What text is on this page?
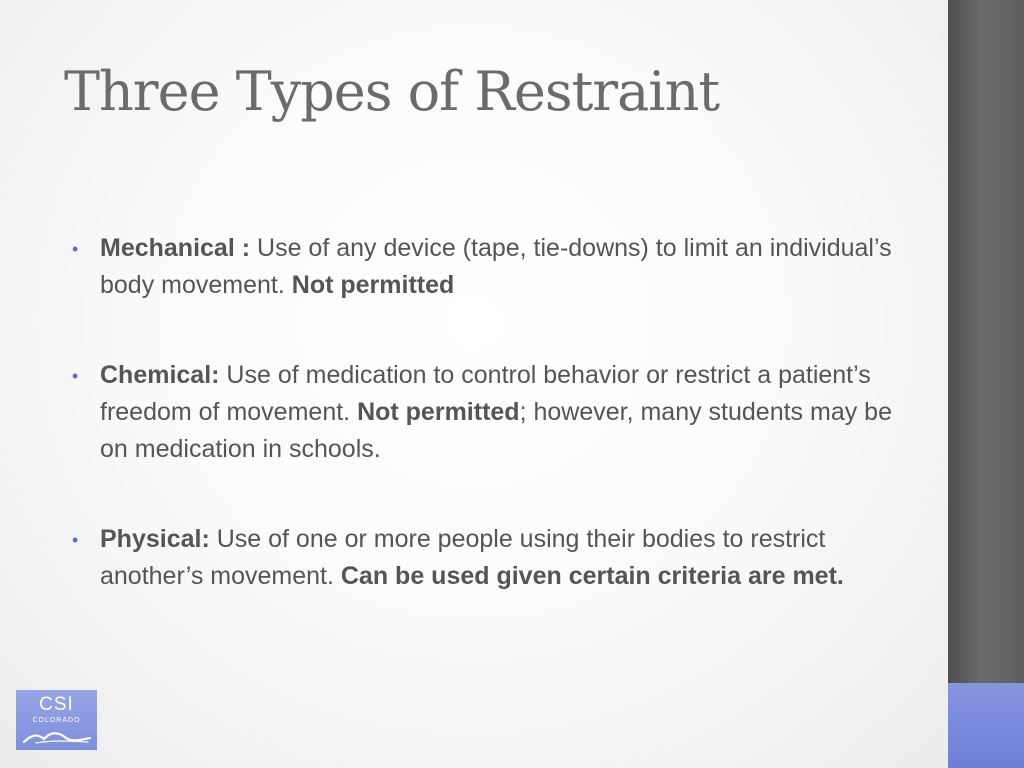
Three Types of Restraint
• Mechanical : Use of any device (tape, tie-downs) to limit an individual’s body movement. Not permitted
• Chemical: Use of medication to control behavior or restrict a patient’s freedom of movement. Not permitted; however, many students may be on medication in schools.
• Physical: Use of one or more people using their bodies to restrict another’s movement. Can be used given certain criteria are met.
CSI
COLORADO
